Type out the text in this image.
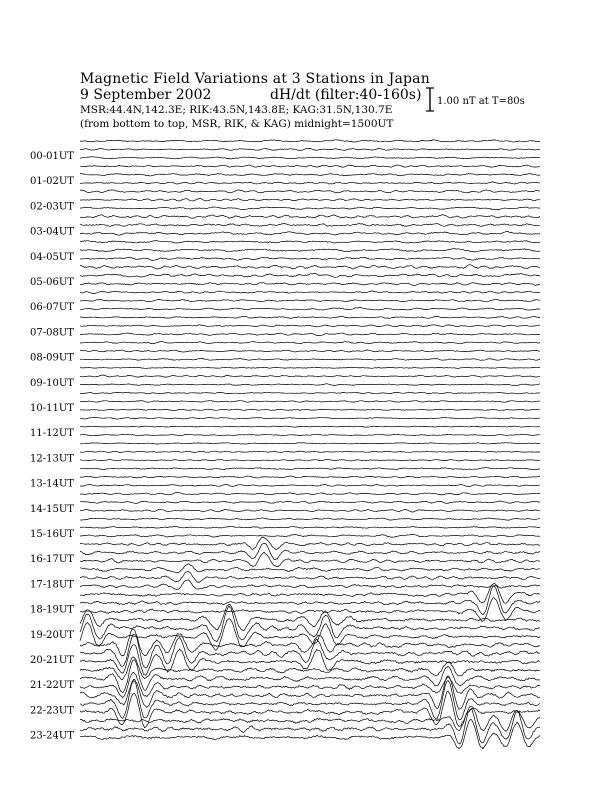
Magnetic Field Variations at 3 Stations in Japan
9 September 2002	dH/dt (filter:40-160s)
MSR:44.4N,142.3E; RIK:43.5N,143.8E; KAG:31.5N,130.7E
(from bottom to top, MSR, RIK, & KAG) midnight=1500UT
1.00 nT at T=80s
00-01UT
01-02UT
02-03UT
03-04UT
04-05UT
05-06UT
06-07UT
07-08UT
08-09UT
09-10UT
10-11UT
11-12UT
12-13UT
13-14UT
14-15UT
15-16UT
16-17UT
17-18UT
18-19UT
19-20UT
20-21UT
21-22UT
22-23UT
23-24UT
